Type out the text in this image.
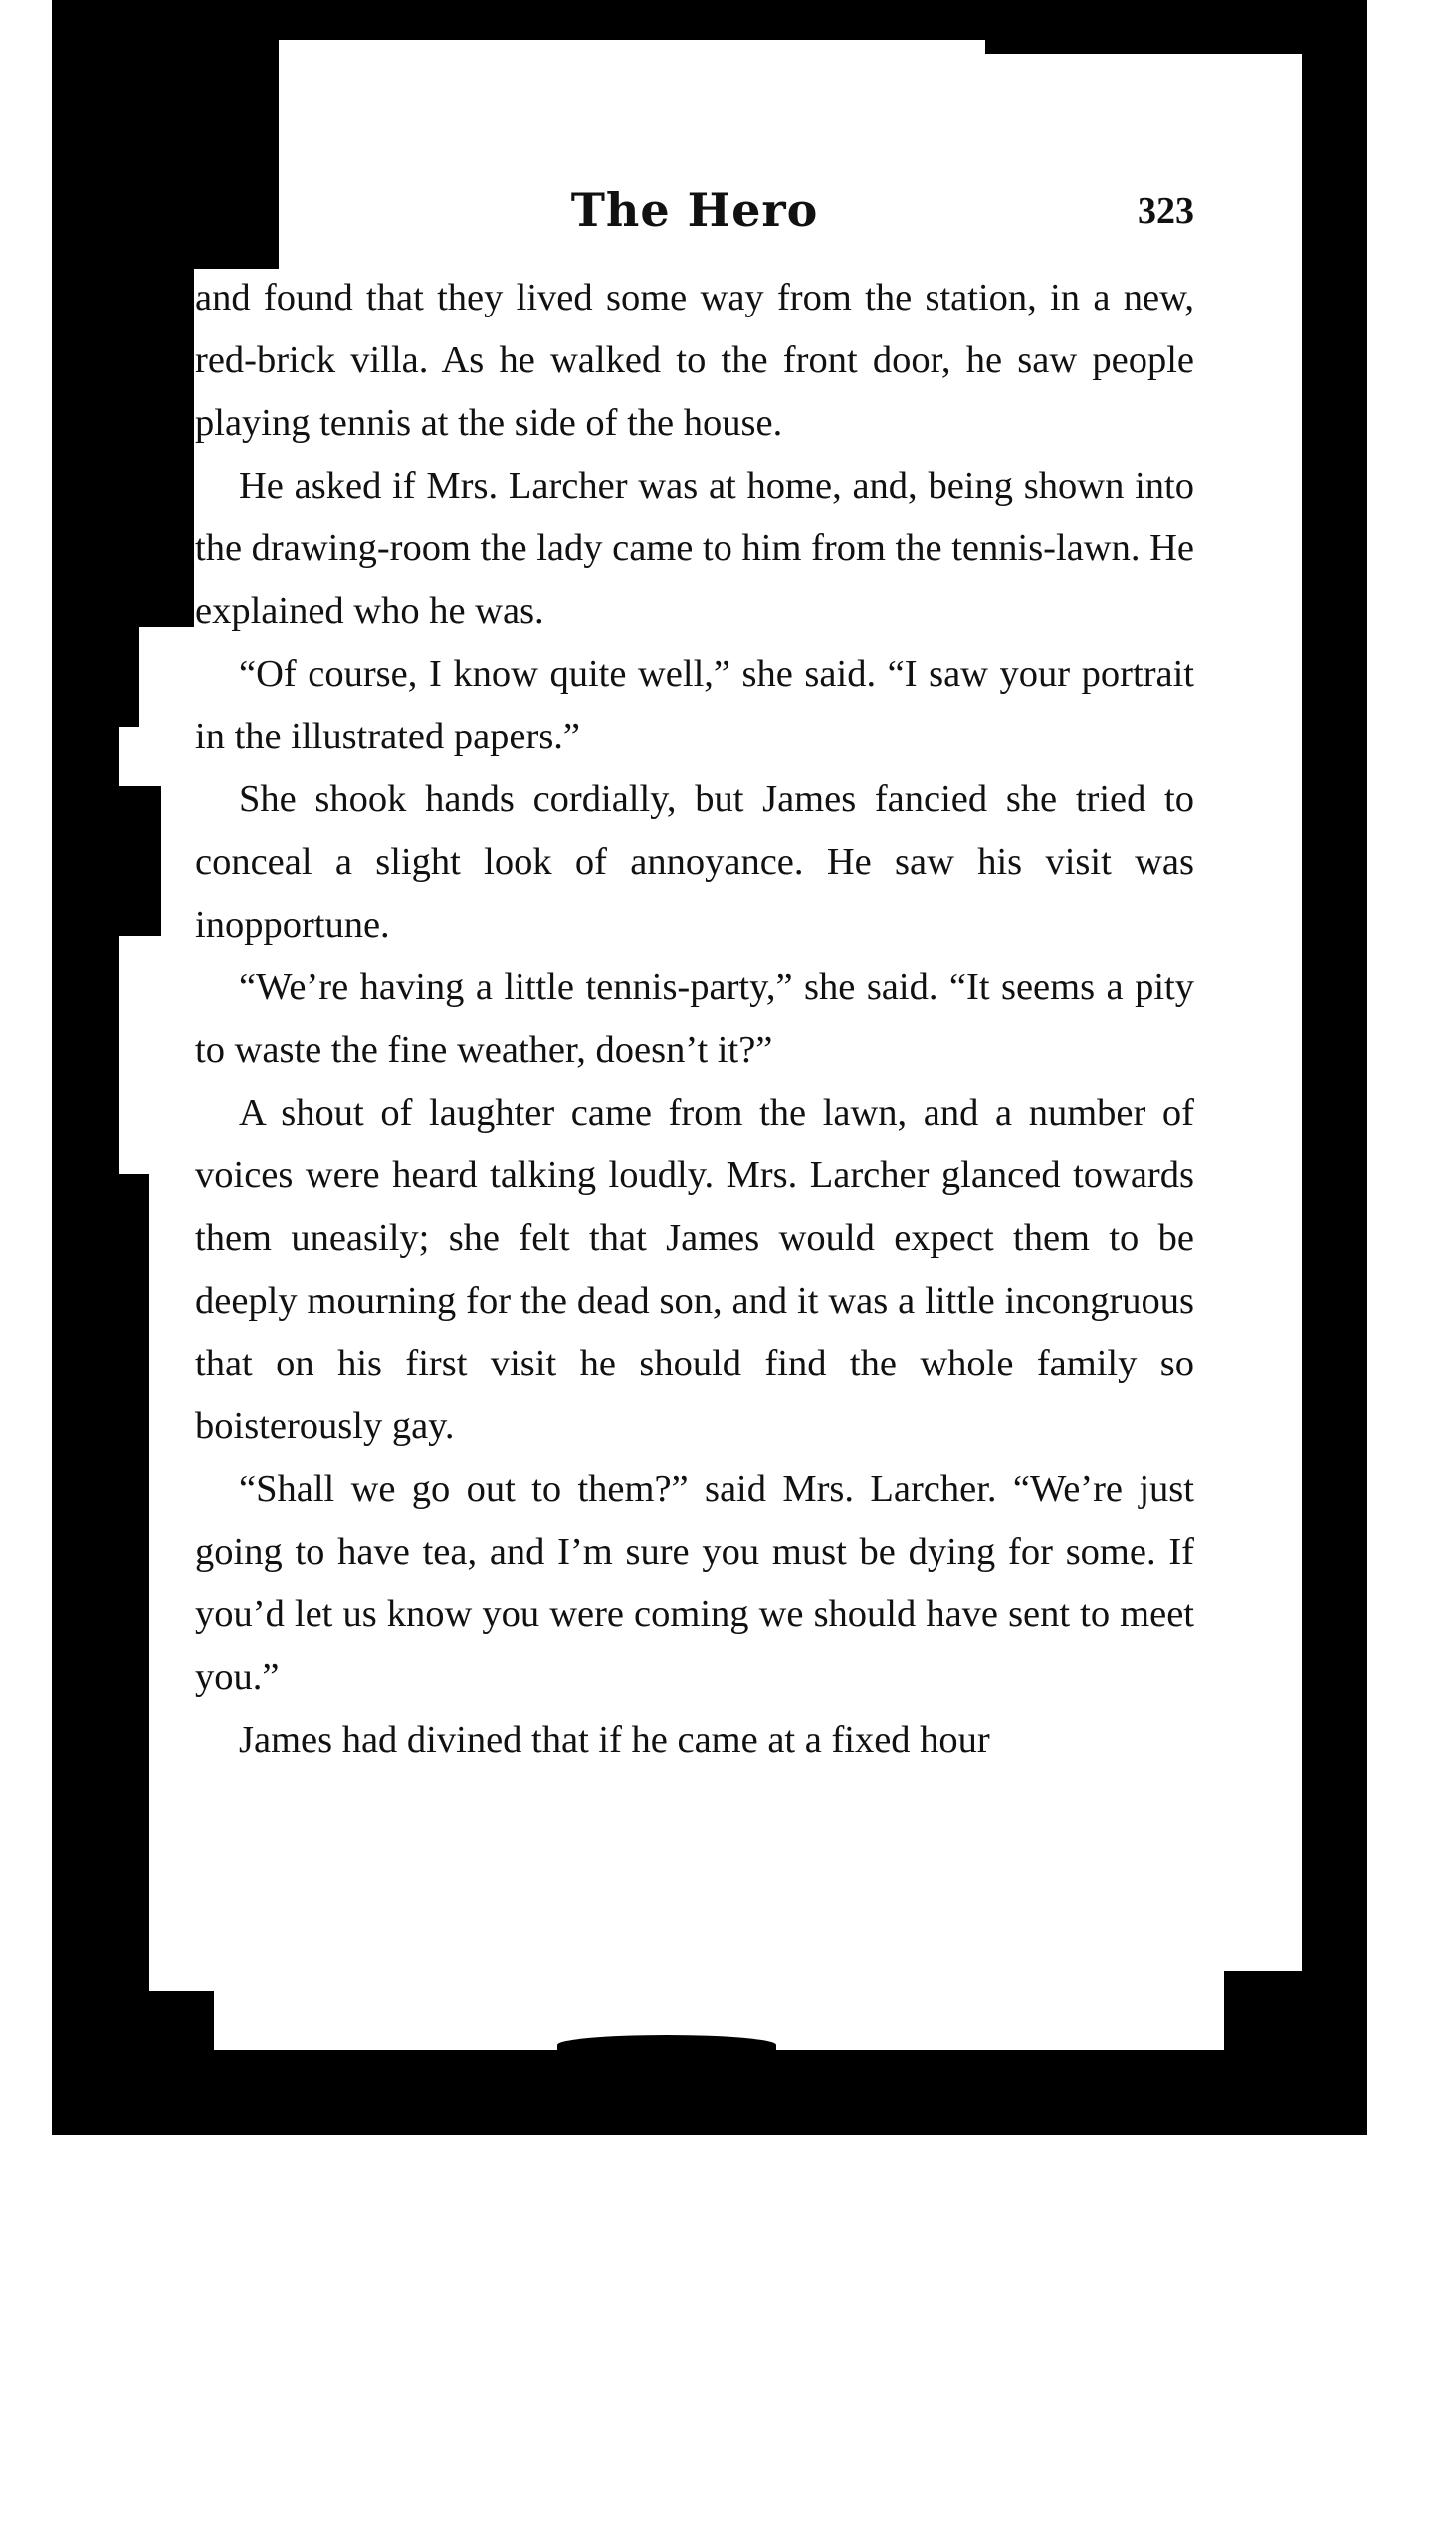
The Hero	323

and found that they lived some way from the station, in a new, red-brick villa. As he walked to the front door, he saw people playing tennis at the side of the house.

He asked if Mrs. Larcher was at home, and, being shown into the drawing-room the lady came to him from the tennis-lawn. He explained who he was.

“Of course, I know quite well,” she said. “I saw your portrait in the illustrated papers.”

She shook hands cordially, but James fancied she tried to conceal a slight look of annoyance. He saw his visit was inopportune.

“We’re having a little tennis-party,” she said. “It seems a pity to waste the fine weather, doesn’t it?”

A shout of laughter came from the lawn, and a number of voices were heard talking loudly. Mrs. Larcher glanced towards them uneasily; she felt that James would expect them to be deeply mourning for the dead son, and it was a little incongruous that on his first visit he should find the whole family so boisterously gay.

“Shall we go out to them?” said Mrs. Larcher. “We’re just going to have tea, and I’m sure you must be dying for some. If you’d let us know you were coming we should have sent to meet you.”

James had divined that if he came at a fixed hour
